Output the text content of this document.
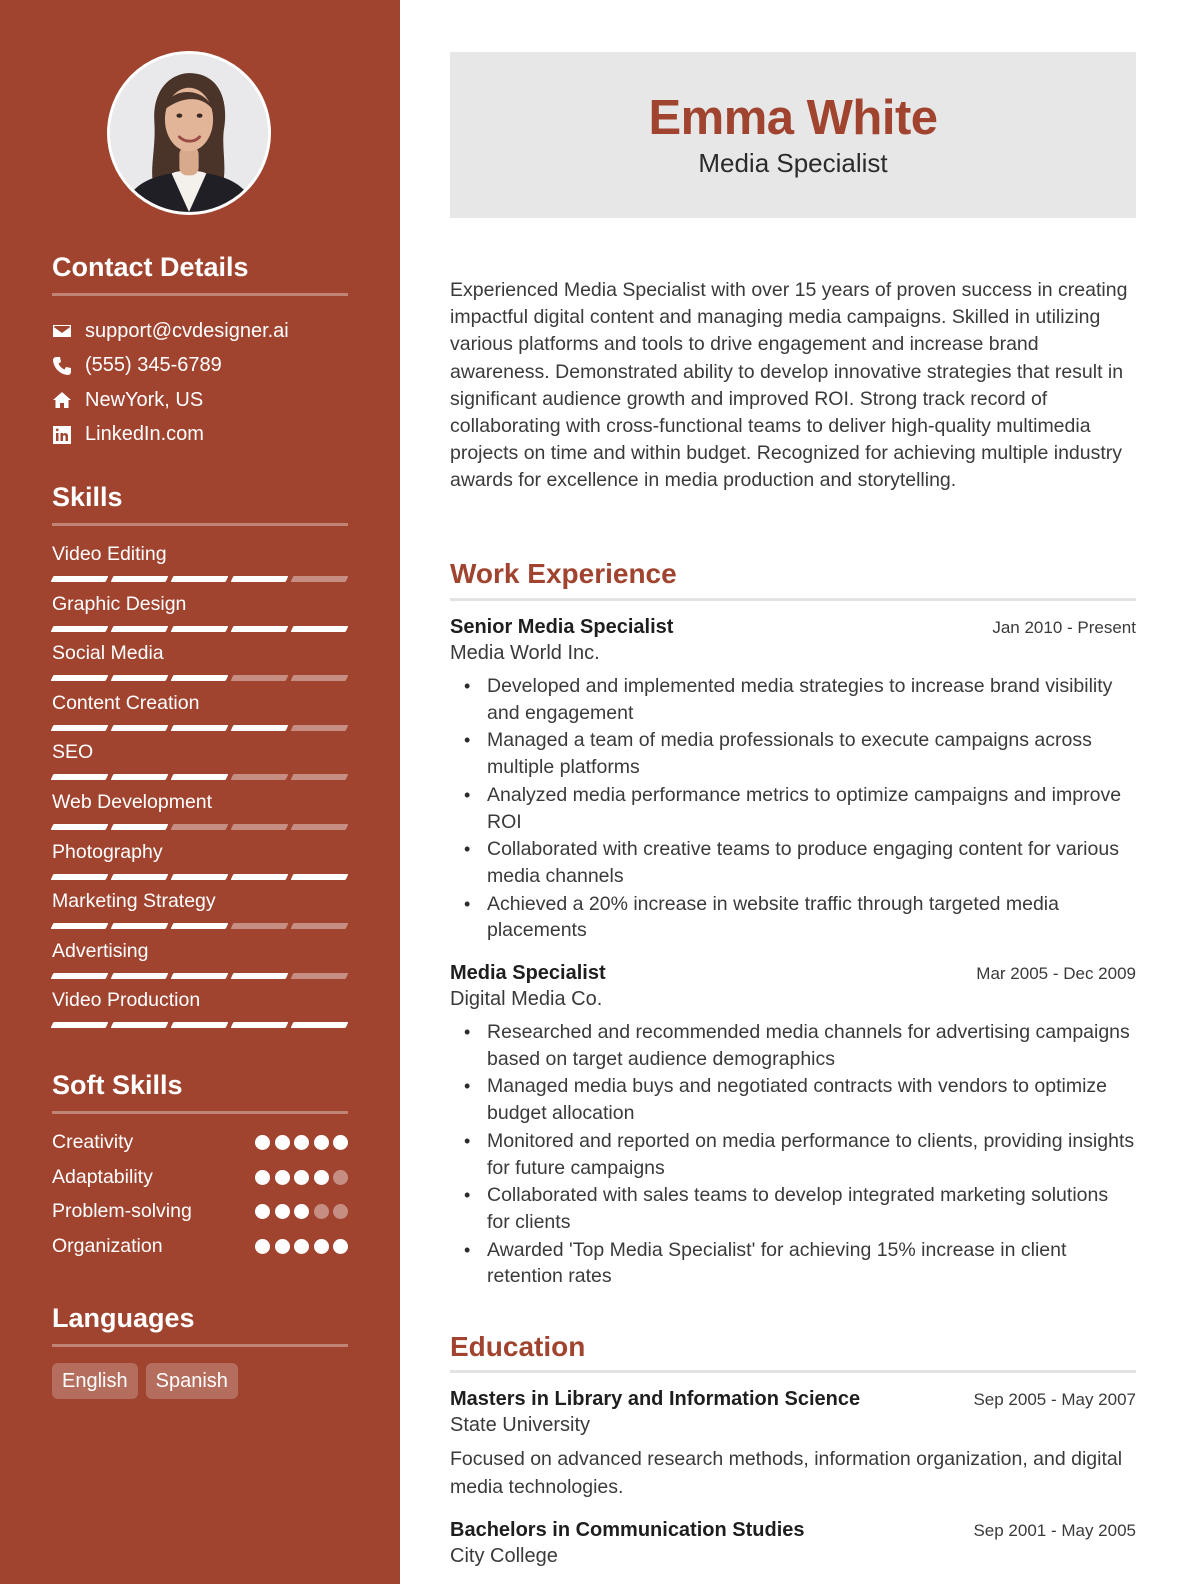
Contact Details
support@cvdesigner.ai
(555) 345-6789
NewYork, US
LinkedIn.com
Skills
Video Editing
Graphic Design
Social Media
Content Creation
SEO
Web Development
Photography
Marketing Strategy
Advertising
Video Production
Soft Skills
Creativity
Adaptability
Problem-solving
Organization
Languages
English	Spanish
Emma White
Media Specialist
Experienced Media Specialist with over 15 years of proven success in creating impactful digital content and managing media campaigns. Skilled in utilizing various platforms and tools to drive engagement and increase brand awareness. Demonstrated ability to develop innovative strategies that result in significant audience growth and improved ROI. Strong track record of collaborating with cross-functional teams to deliver high-quality multimedia projects on time and within budget. Recognized for achieving multiple industry awards for excellence in media production and storytelling.
Work Experience
Senior Media Specialist	Jan 2010 - Present
Media World Inc.
• Developed and implemented media strategies to increase brand visibility and engagement
• Managed a team of media professionals to execute campaigns across multiple platforms
• Analyzed media performance metrics to optimize campaigns and improve ROI
• Collaborated with creative teams to produce engaging content for various media channels
• Achieved a 20% increase in website traffic through targeted media placements
Media Specialist	Mar 2005 - Dec 2009
Digital Media Co.
• Researched and recommended media channels for advertising campaigns based on target audience demographics
• Managed media buys and negotiated contracts with vendors to optimize budget allocation
• Monitored and reported on media performance to clients, providing insights for future campaigns
• Collaborated with sales teams to develop integrated marketing solutions for clients
• Awarded 'Top Media Specialist' for achieving 15% increase in client retention rates
Education
Masters in Library and Information Science	Sep 2005 - May 2007
State University
Focused on advanced research methods, information organization, and digital media technologies.
Bachelors in Communication Studies	Sep 2001 - May 2005
City College
